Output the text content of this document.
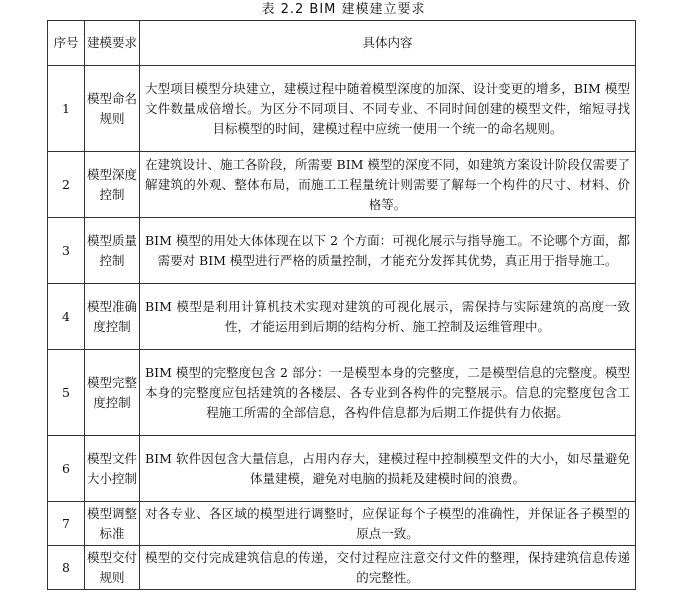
表 2.2 BIM 建模建立要求
序号	建模要求	具体内容
1	模型命名规则	大型项目模型分块建立，建模过程中随着模型深度的加深、设计变更的增多，BIM 模型文件数量成倍增长。为区分不同项目、不同专业、不同时间创建的模型文件，缩短寻找目标模型的时间，建模过程中应统一使用一个统一的命名规则。
2	模型深度控制	在建筑设计、施工各阶段，所需要 BIM 模型的深度不同，如建筑方案设计阶段仅需要了解建筑的外观、整体布局，而施工工程量统计则需要了解每一个构件的尺寸、材料、价格等。
3	模型质量控制	BIM 模型的用处大体体现在以下 2 个方面：可视化展示与指导施工。不论哪个方面，都需要对 BIM 模型进行严格的质量控制，才能充分发挥其优势，真正用于指导施工。
4	模型准确度控制	BIM 模型是利用计算机技术实现对建筑的可视化展示，需保持与实际建筑的高度一致性，才能运用到后期的结构分析、施工控制及运维管理中。
5	模型完整度控制	BIM 模型的完整度包含 2 部分：一是模型本身的完整度，二是模型信息的完整度。模型本身的完整度应包括建筑的各楼层、各专业到各构件的完整展示。信息的完整度包含工程施工所需的全部信息，各构件信息都为后期工作提供有力依据。
6	模型文件大小控制	BIM 软件因包含大量信息，占用内存大，建模过程中控制模型文件的大小，如尽量避免体量建模，避免对电脑的损耗及建模时间的浪费。
7	模型调整标准	对各专业、各区域的模型进行调整时，应保证每个子模型的准确性，并保证各子模型的原点一致。
8	模型交付规则	模型的交付完成建筑信息的传递，交付过程应注意交付文件的整理，保持建筑信息传递的完整性。
